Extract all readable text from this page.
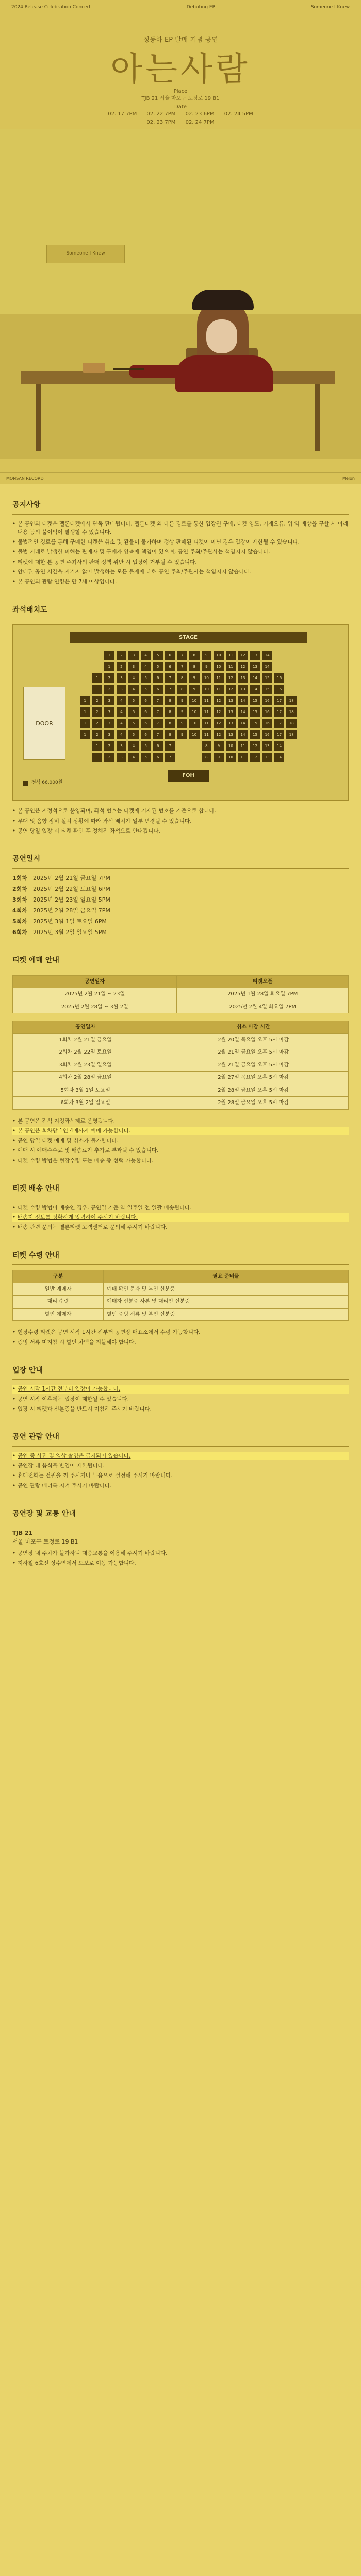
2024 Release Celebration Concert	Debuting EP	Someone I Knew
정동하 EP 발매 기념 공연
아는사람
Place
TJB 21 서울 마포구 토정로 19 B1
Date
02. 17 7PM 02. 22 7PM 02. 23 6PM 02. 24 5PM
02. 23 7PM 02. 24 7PM
Someone I Knew
MONSAN RECORD	Melon
공지사항
• 본 공연의 티켓은 멜론티켓에서 단독 판매됩니다. 멜론티켓 외 다른 경로를 통한 입장권 구매, 티켓 양도, 기재오류, 위 약 배상을 구할 시 아래 내용 등의 불이익이 발생할 수 있습니다.
• 불법적인 경로를 통해 구매한 티켓은 취소 및 환불이 불가하며 정상 판매된 티켓이 아닌 경우 입장이 제한될 수 있습니다.
• 불법 거래로 발생한 피해는 판매자 및 구매자 양측에 책임이 있으며, 공연 주최/주관사는 책임지지 않습니다.
• 티켓에 대한 본 공연 주최사의 판매 정책 위반 시 입장이 거부될 수 있습니다.
• 안내된 공연 시간을 지키지 않아 발생하는 모든 문제에 대해 공연 주최/주관사는 책임지지 않습니다.
• 본 공연의 관람 연령은 만 7세 이상입니다.
좌석배치도
STAGE
1	2	3	4	5	6	7	8	9	10	11	12	13	14
1	2	3	4	5	6	7	8	9	10	11	12	13	14
1	2	3	4	5	6	7	8	9	10	11	12	13	14	15	16
1	2	3	4	5	6	7	8	9	10	11	12	13	14	15	16
1	2	3	4	5	6	7	8	9	10	11	12	13	14	15	16	17	18
1	2	3	4	5	6	7	8	9	10	11	12	13	14	15	16	17	18
1	2	3	4	5	6	7	8	9	10	11	12	13	14	15	16	17	18
1	2	3	4	5	6	7	8	9	10	11	12	13	14	15	16	17	18
1	2	3	4	5	6	7	8	9	10	11	12	13	14
1	2	3	4	5	6	7	8	9	10	11	12	13	14
DOOR
FOH
전석 66,000원
• 본 공연은 지정석으로 운영되며, 좌석 번호는 티켓에 기재된 번호를 기준으로 합니다.
• 무대 및 음향 장비 설치 상황에 따라 좌석 배치가 일부 변경될 수 있습니다.
• 공연 당일 입장 시 티켓 확인 후 정해진 좌석으로 안내됩니다.
공연일시
1회차 2025년 2월 21일 금요일 7PM
2회차 2025년 2월 22일 토요일 6PM
3회차 2025년 2월 23일 일요일 5PM
4회차 2025년 2월 28일 금요일 7PM
5회차 2025년 3월 1일 토요일 6PM
6회차 2025년 3월 2일 일요일 5PM
티켓 예매 안내
공연일자	티켓오픈
2025년 2월 21일 ~ 23일	2025년 1월 28일 화요일 7PM
2025년 2월 28일 ~ 3월 2일	2025년 2월 4일 화요일 7PM
공연일자	취소 마감 시간
1회차 2월 21일 금요일	2월 20일 목요일 오후 5시 마감
2회차 2월 22일 토요일	2월 21일 금요일 오후 5시 마감
3회차 2월 23일 일요일	2월 21일 금요일 오후 5시 마감
4회차 2월 28일 금요일	2월 27일 목요일 오후 5시 마감
5회차 3월 1일 토요일	2월 28일 금요일 오후 5시 마감
6회차 3월 2일 일요일	2월 28일 금요일 오후 5시 마감
• 본 공연은 전석 지정좌석제로 운영됩니다.
• 본 공연은 회차당 1인 4매까지 예매 가능합니다.
• 공연 당일 티켓 예매 및 취소가 불가합니다.
• 예매 시 예매수수료 및 배송료가 추가로 부과될 수 있습니다.
• 티켓 수령 방법은 현장수령 또는 배송 중 선택 가능합니다.
티켓 배송 안내
• 티켓 수령 방법이 배송인 경우, 공연일 기준 약 일주일 전 일괄 배송됩니다.
• 배송지 정보를 정확하게 입력하여 주시기 바랍니다.
• 배송 관련 문의는 멜론티켓 고객센터로 문의해 주시기 바랍니다.
티켓 수령 안내
구분	필요 준비물
일반 예매자	예매 확인 문자 및 본인 신분증
대리 수령	예매자 신분증 사본 및 대리인 신분증
할인 예매자	할인 증빙 서류 및 본인 신분증
• 현장수령 티켓은 공연 시작 1시간 전부터 공연장 매표소에서 수령 가능합니다.
• 증빙 서류 미지참 시 할인 차액을 지불해야 합니다.
입장 안내
• 공연 시작 1시간 전부터 입장이 가능합니다.
• 공연 시작 이후에는 입장이 제한될 수 있습니다.
• 입장 시 티켓과 신분증을 반드시 지참해 주시기 바랍니다.
공연 관람 안내
• 공연 중 사진 및 영상 촬영은 금지되어 있습니다.
• 공연장 내 음식물 반입이 제한됩니다.
• 휴대전화는 전원을 꺼 주시거나 무음으로 설정해 주시기 바랍니다.
• 공연 관람 매너를 지켜 주시기 바랍니다.
공연장 및 교통 안내
TJB 21
서울 마포구 토정로 19 B1
• 공연장 내 주차가 불가하니 대중교통을 이용해 주시기 바랍니다.
• 지하철 6호선 상수역에서 도보로 이동 가능합니다.
